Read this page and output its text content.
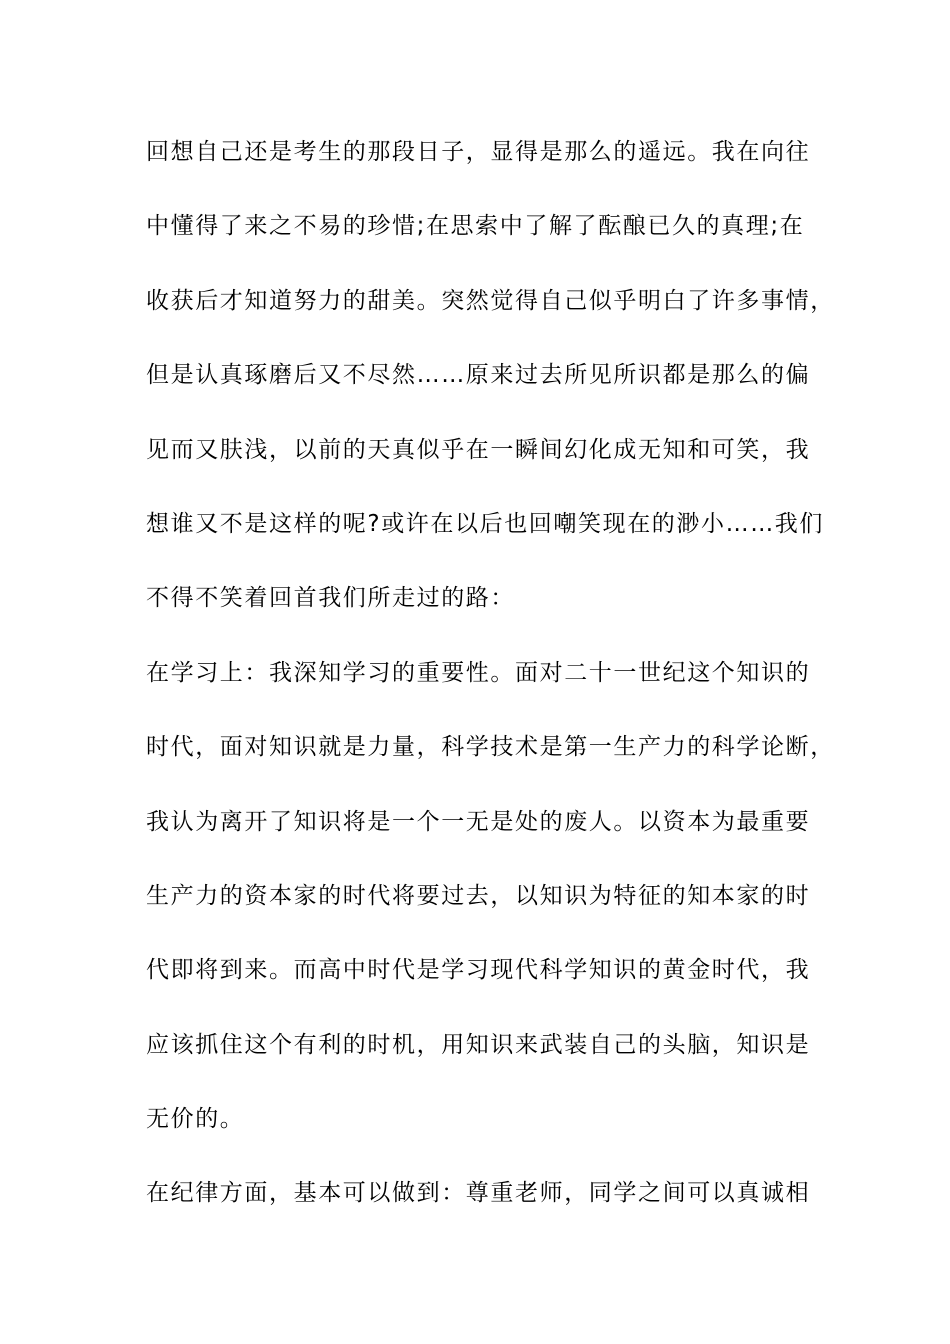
回想自己还是考生的那段日子，显得是那么的遥远。我在向往
中懂得了来之不易的珍惜;在思索中了解了酝酿已久的真理;在
收获后才知道努力的甜美。突然觉得自己似乎明白了许多事情，
但是认真琢磨后又不尽然……原来过去所见所识都是那么的偏
见而又肤浅，以前的天真似乎在一瞬间幻化成无知和可笑，我
想谁又不是这样的呢?或许在以后也回嘲笑现在的渺小……我们
不得不笑着回首我们所走过的路：
在学习上：我深知学习的重要性。面对二十一世纪这个知识的
时代，面对知识就是力量，科学技术是第一生产力的科学论断，
我认为离开了知识将是一个一无是处的废人。以资本为最重要
生产力的资本家的时代将要过去，以知识为特征的知本家的时
代即将到来。而高中时代是学习现代科学知识的黄金时代，我
应该抓住这个有利的时机，用知识来武装自己的头脑，知识是
无价的。
在纪律方面，基本可以做到：尊重老师，同学之间可以真诚相
